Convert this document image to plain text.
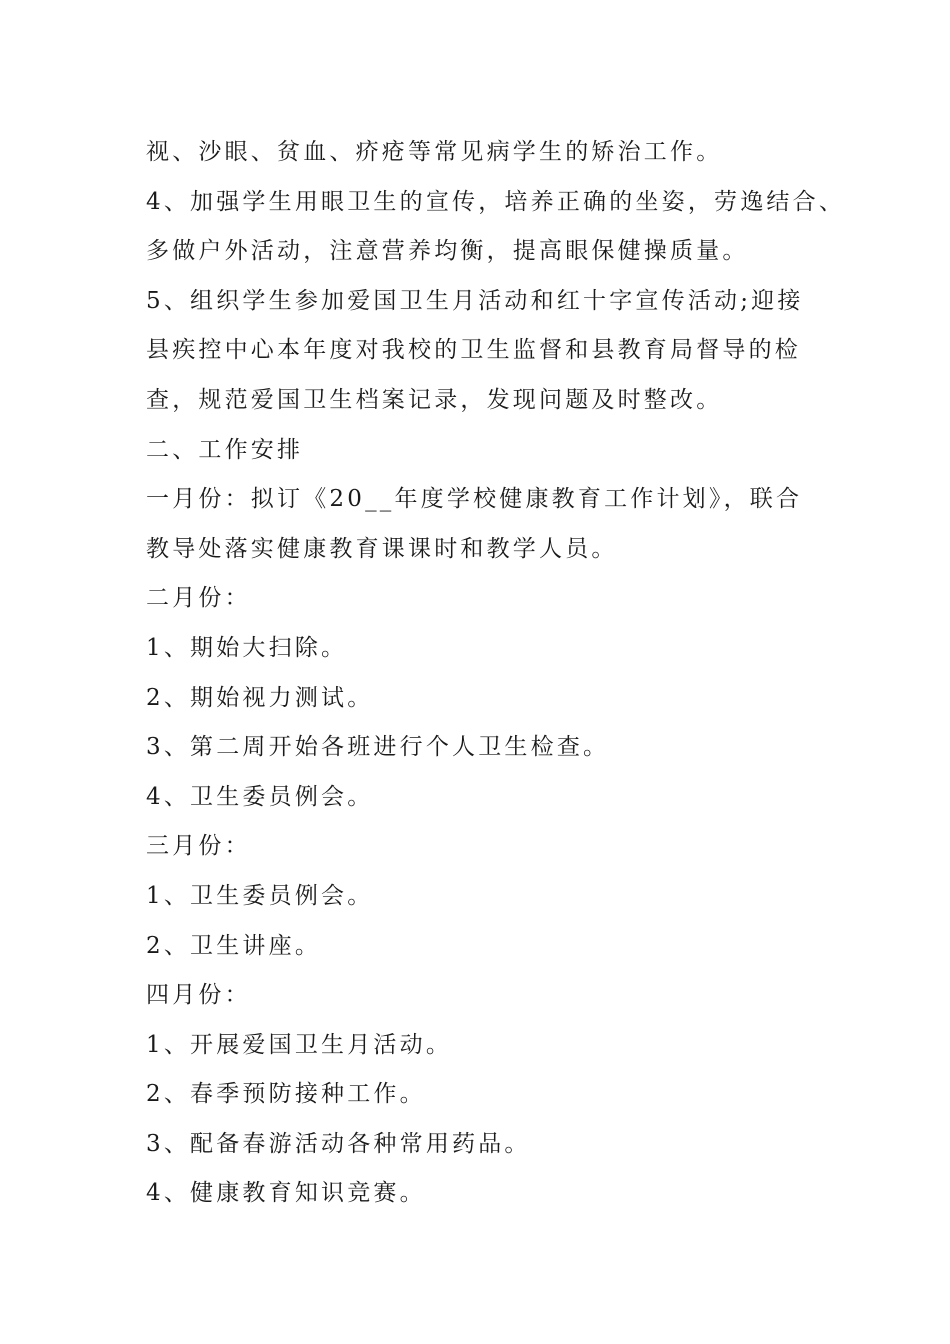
视、沙眼、贫血、疥疮等常见病学生的矫治工作。
4、加强学生用眼卫生的宣传，培养正确的坐姿，劳逸结合、
多做户外活动，注意营养均衡，提高眼保健操质量。
5、组织学生参加爱国卫生月活动和红十字宣传活动;迎接
县疾控中心本年度对我校的卫生监督和县教育局督导的检
查，规范爱国卫生档案记录，发现问题及时整改。
二、工作安排
一月份：拟订《20__年度学校健康教育工作计划》，联合
教导处落实健康教育课课时和教学人员。
二月份：
1、期始大扫除。
2、期始视力测试。
3、第二周开始各班进行个人卫生检查。
4、卫生委员例会。
三月份：
1、卫生委员例会。
2、卫生讲座。
四月份：
1、开展爱国卫生月活动。
2、春季预防接种工作。
3、配备春游活动各种常用药品。
4、健康教育知识竞赛。
